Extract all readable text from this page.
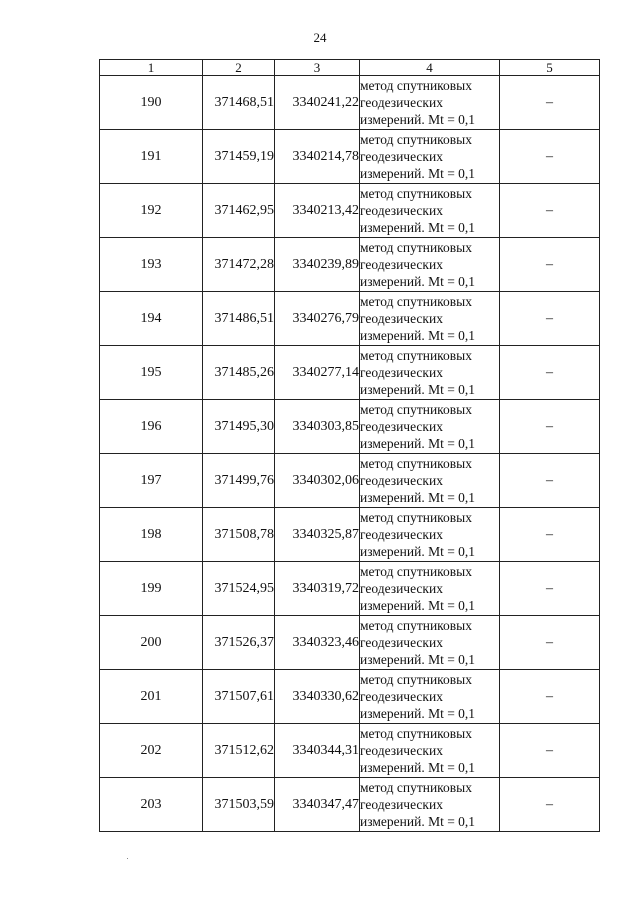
24
1	2	3	4	5
190	371468,51	3340241,22	метод спутниковых
геодезических
измерений. Mt = 0,1	–
191	371459,19	3340214,78	метод спутниковых
геодезических
измерений. Mt = 0,1	–
192	371462,95	3340213,42	метод спутниковых
геодезических
измерений. Mt = 0,1	–
193	371472,28	3340239,89	метод спутниковых
геодезических
измерений. Mt = 0,1	–
194	371486,51	3340276,79	метод спутниковых
геодезических
измерений. Mt = 0,1	–
195	371485,26	3340277,14	метод спутниковых
геодезических
измерений. Mt = 0,1	–
196	371495,30	3340303,85	метод спутниковых
геодезических
измерений. Mt = 0,1	–
197	371499,76	3340302,06	метод спутниковых
геодезических
измерений. Mt = 0,1	–
198	371508,78	3340325,87	метод спутниковых
геодезических
измерений. Mt = 0,1	–
199	371524,95	3340319,72	метод спутниковых
геодезических
измерений. Mt = 0,1	–
200	371526,37	3340323,46	метод спутниковых
геодезических
измерений. Mt = 0,1	–
201	371507,61	3340330,62	метод спутниковых
геодезических
измерений. Mt = 0,1	–
202	371512,62	3340344,31	метод спутниковых
геодезических
измерений. Mt = 0,1	–
203	371503,59	3340347,47	метод спутниковых
геодезических
измерений. Mt = 0,1	–
